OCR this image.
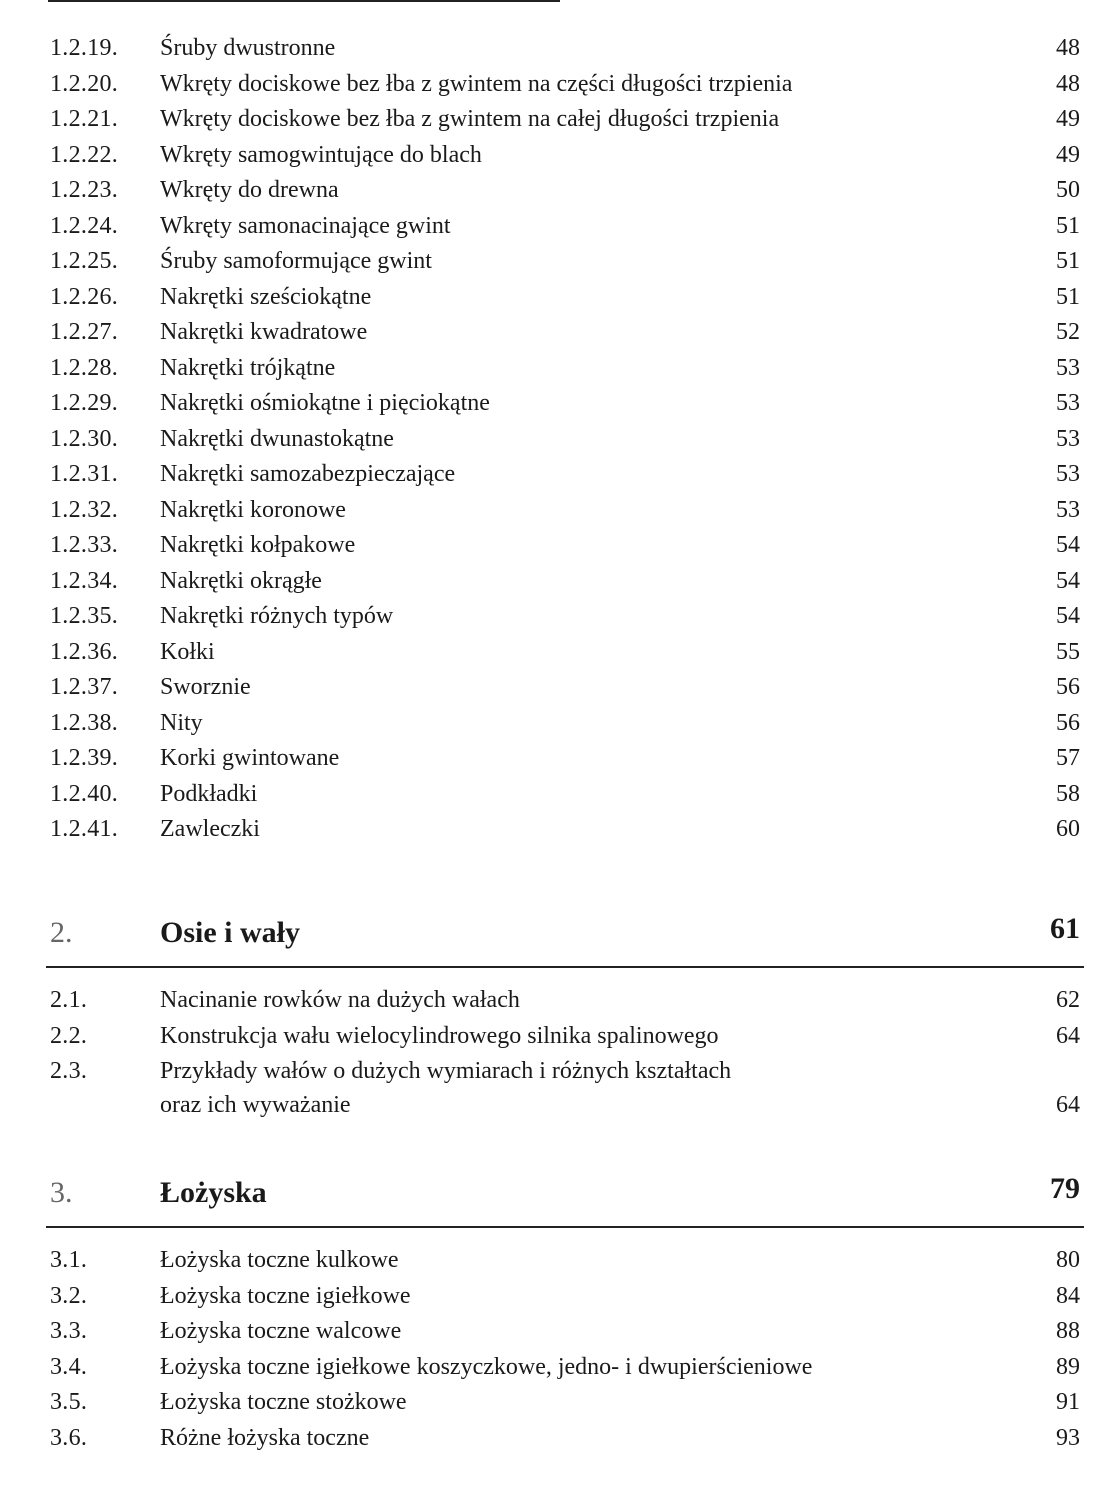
1.2.19. Śruby dwustronne	48
1.2.20. Wkręty dociskowe bez łba z gwintem na części długości trzpienia	48
1.2.21. Wkręty dociskowe bez łba z gwintem na całej długości trzpienia	49
1.2.22. Wkręty samogwintujące do blach	49
1.2.23. Wkręty do drewna	50
1.2.24. Wkręty samonacinające gwint	51
1.2.25. Śruby samoformujące gwint	51
1.2.26. Nakrętki sześciokątne	51
1.2.27. Nakrętki kwadratowe	52
1.2.28. Nakrętki trójkątne	53
1.2.29. Nakrętki ośmiokątne i pięciokątne	53
1.2.30. Nakrętki dwunastokątne	53
1.2.31. Nakrętki samozabezpieczające	53
1.2.32. Nakrętki koronowe	53
1.2.33. Nakrętki kołpakowe	54
1.2.34. Nakrętki okrągłe	54
1.2.35. Nakrętki różnych typów	54
1.2.36. Kołki	55
1.2.37. Sworznie	56
1.2.38. Nity	56
1.2.39. Korki gwintowane	57
1.2.40. Podkładki	58
1.2.41. Zawleczki	60
2.	Osie i wały	61
2.1.	Nacinanie rowków na dużych wałach	62
2.2.	Konstrukcja wału wielocylindrowego silnika spalinowego	64
2.3.	Przykłady wałów o dużych wymiarach i różnych kształtach
oraz ich wyważanie	64
3.	Łożyska	79
3.1.	Łożyska toczne kulkowe	80
3.2.	Łożyska toczne igiełkowe	84
3.3.	Łożyska toczne walcowe	88
3.4.	Łożyska toczne igiełkowe koszyczkowe, jedno- i dwupierścieniowe	89
3.5.	Łożyska toczne stożkowe	91
3.6.	Różne łożyska toczne	93
